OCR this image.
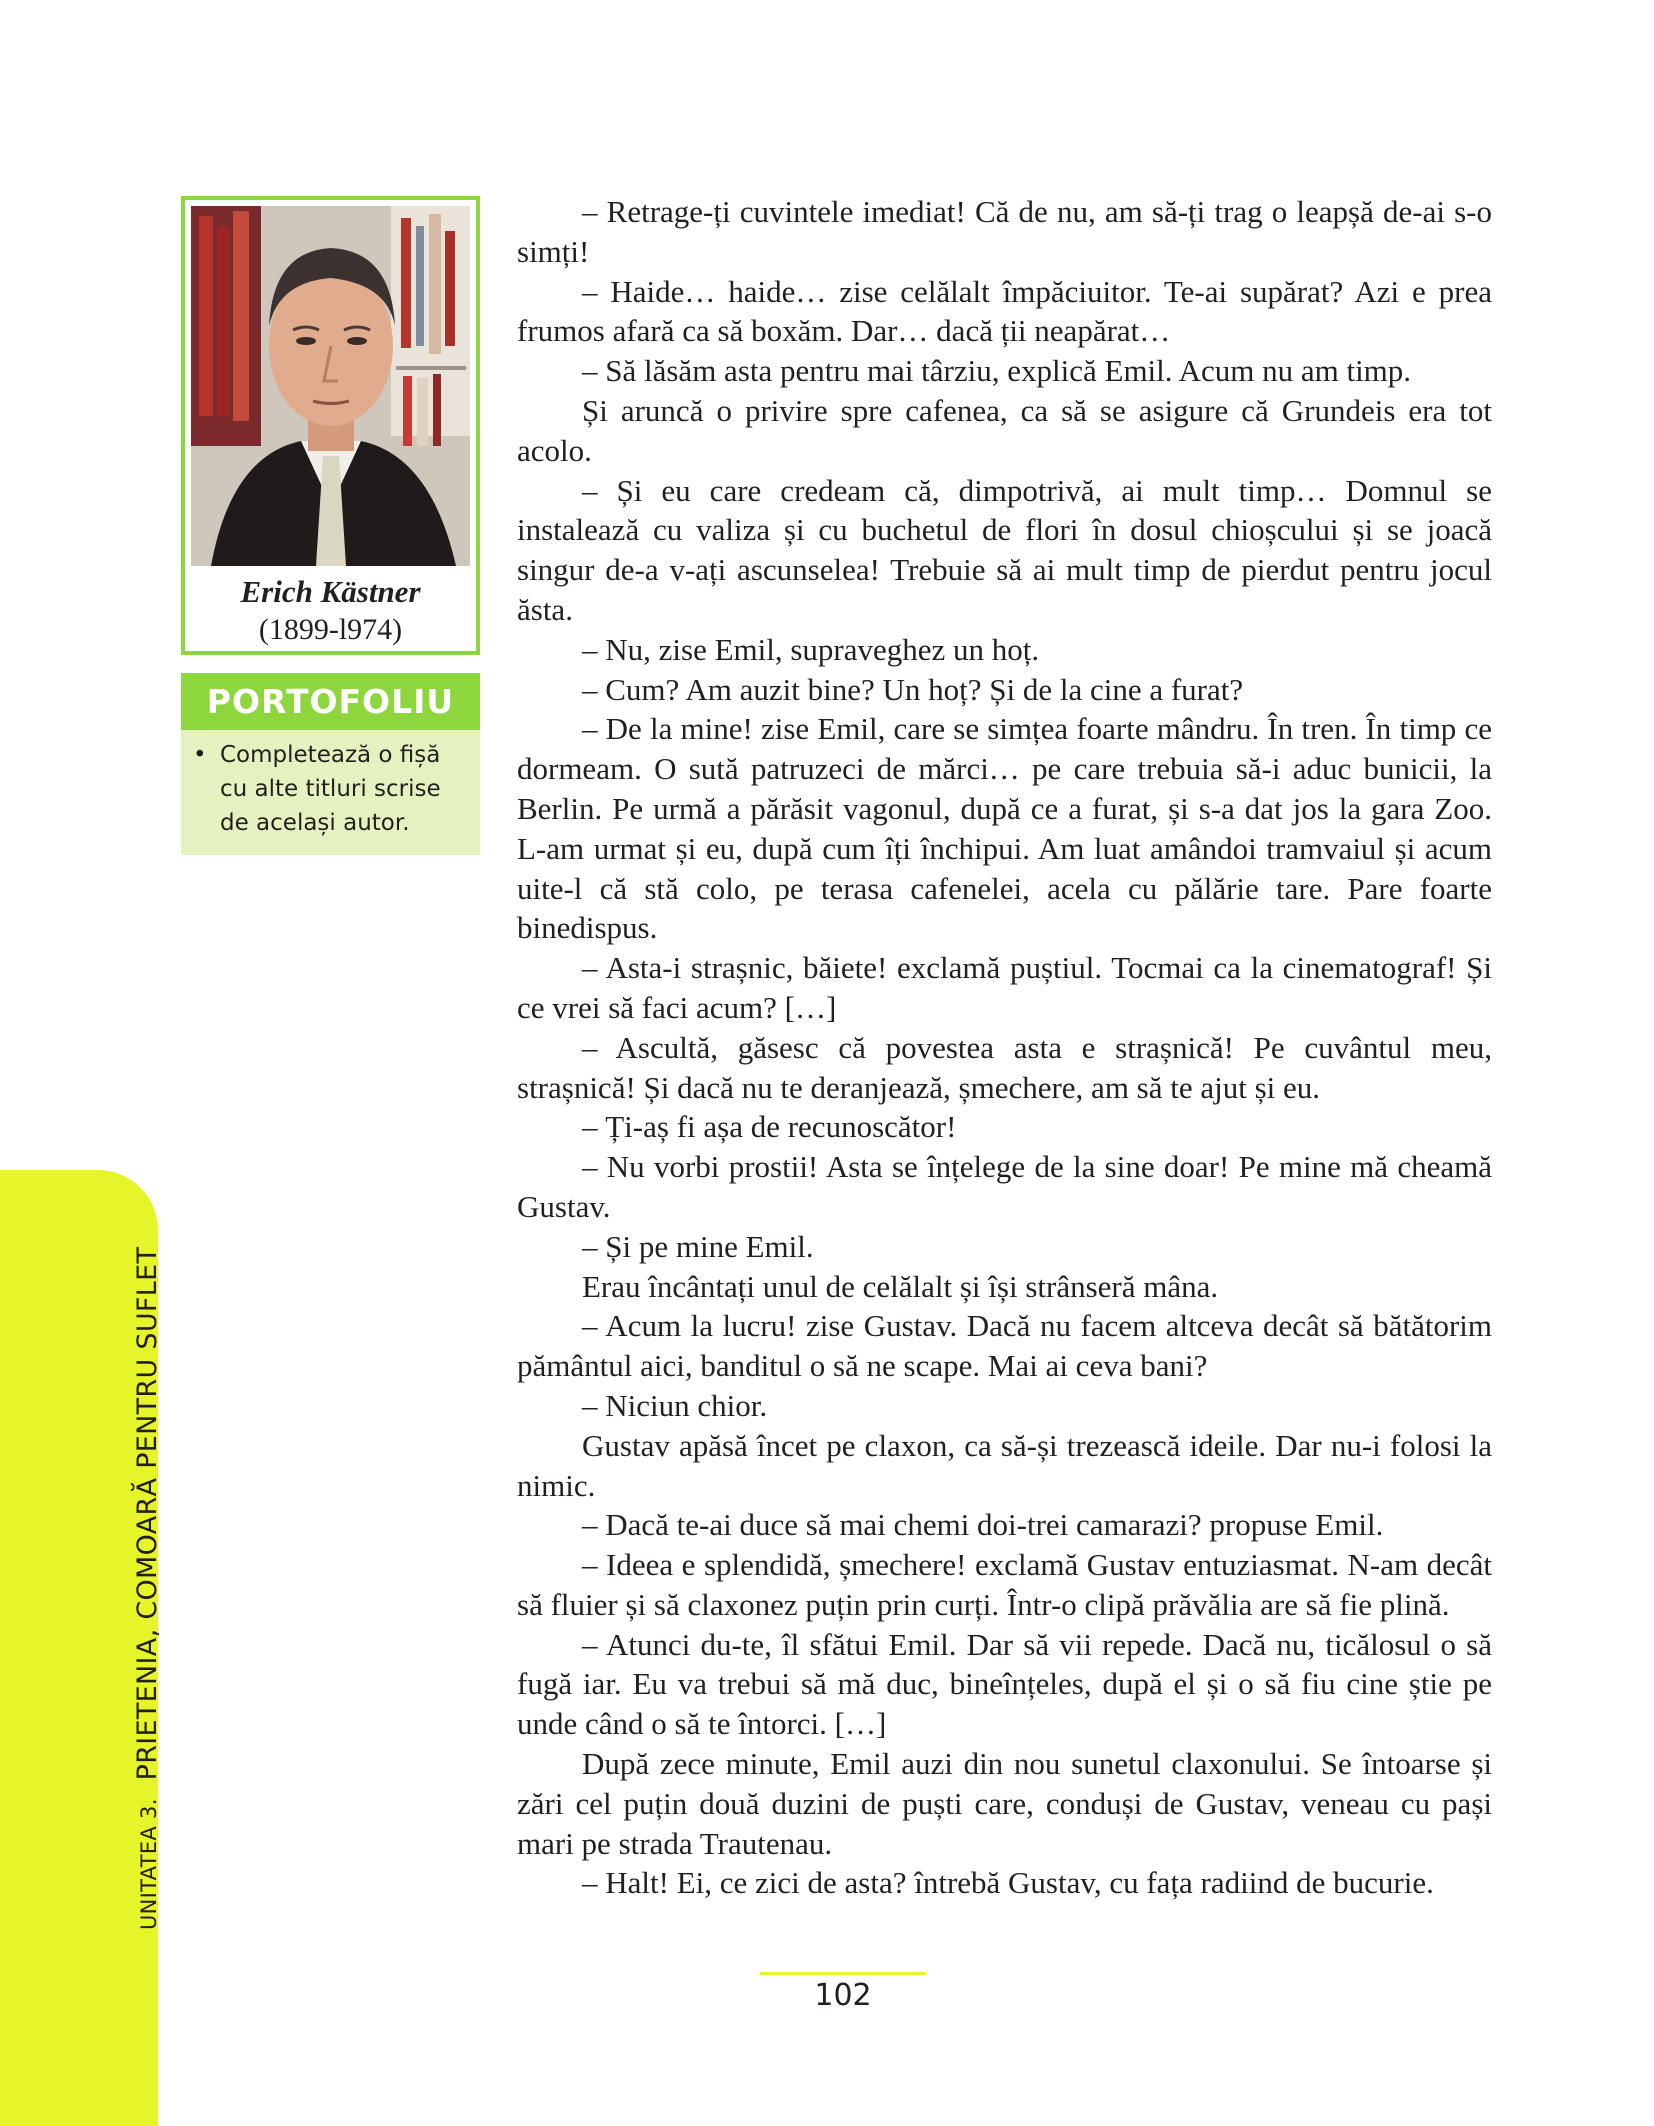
UNITATEA 3. PRIETENIA, COMOARĂ PENTRU SUFLET
Erich Kästner
(1899-l974)
PORTOFOLIU
• Completează o fișă cu alte titluri scrise de același autor.

– Retrage-ți cuvintele imediat! Că de nu, am să-ți trag o leapșă de-ai s-o simți!

– Haide… haide… zise celălalt împăciuitor. Te-ai supărat? Azi e prea frumos afară ca să boxăm. Dar… dacă ții neapărat…

– Să lăsăm asta pentru mai târziu, explică Emil. Acum nu am timp.

Și aruncă o privire spre cafenea, ca să se asigure că Grundeis era tot acolo.

– Și eu care credeam că, dimpotrivă, ai mult timp… Domnul se instalează cu valiza și cu buchetul de flori în dosul chioșcului și se joacă singur de-a v-ați ascunselea! Trebuie să ai mult timp de pierdut pentru jocul ăsta.

– Nu, zise Emil, supraveghez un hoț.

– Cum? Am auzit bine? Un hoț? Și de la cine a furat?

– De la mine! zise Emil, care se simțea foarte mândru. În tren. În timp ce dormeam. O sută patruzeci de mărci… pe care trebuia să-i aduc bunicii, la Berlin. Pe urmă a părăsit vagonul, după ce a furat, și s-a dat jos la gara Zoo. L-am urmat și eu, după cum îți închipui. Am luat amândoi tramvaiul și acum uite-l că stă colo, pe terasa cafenelei, acela cu pălărie tare. Pare foarte binedispus.

– Asta-i strașnic, băiete! exclamă puștiul. Tocmai ca la cinematograf! Și ce vrei să faci acum? […]

– Ascultă, găsesc că povestea asta e strașnică! Pe cuvântul meu, strașnică! Și dacă nu te deranjează, șmechere, am să te ajut și eu.

– Ți-aș fi așa de recunoscător!

– Nu vorbi prostii! Asta se înțelege de la sine doar! Pe mine mă cheamă Gustav.

– Și pe mine Emil.

Erau încântați unul de celălalt și își strânseră mâna.

– Acum la lucru! zise Gustav. Dacă nu facem altceva decât să bătătorim pământul aici, banditul o să ne scape. Mai ai ceva bani?

– Niciun chior.

Gustav apăsă încet pe claxon, ca să-și trezească ideile. Dar nu-i folosi la nimic.

– Dacă te-ai duce să mai chemi doi-trei camarazi? propuse Emil.

– Ideea e splendidă, șmechere! exclamă Gustav entuziasmat. N-am decât să fluier și să claxonez puțin prin curți. Într-o clipă prăvălia are să fie plină.

– Atunci du-te, îl sfătui Emil. Dar să vii repede. Dacă nu, ticălosul o să fugă iar. Eu va trebui să mă duc, bineînțeles, după el și o să fiu cine știe pe unde când o să te întorci. […]

După zece minute, Emil auzi din nou sunetul claxonului. Se întoarse și zări cel puțin două duzini de puști care, conduși de Gustav, veneau cu pași mari pe strada Trautenau.

– Halt! Ei, ce zici de asta? întrebă Gustav, cu fața radiind de bucurie.

102
